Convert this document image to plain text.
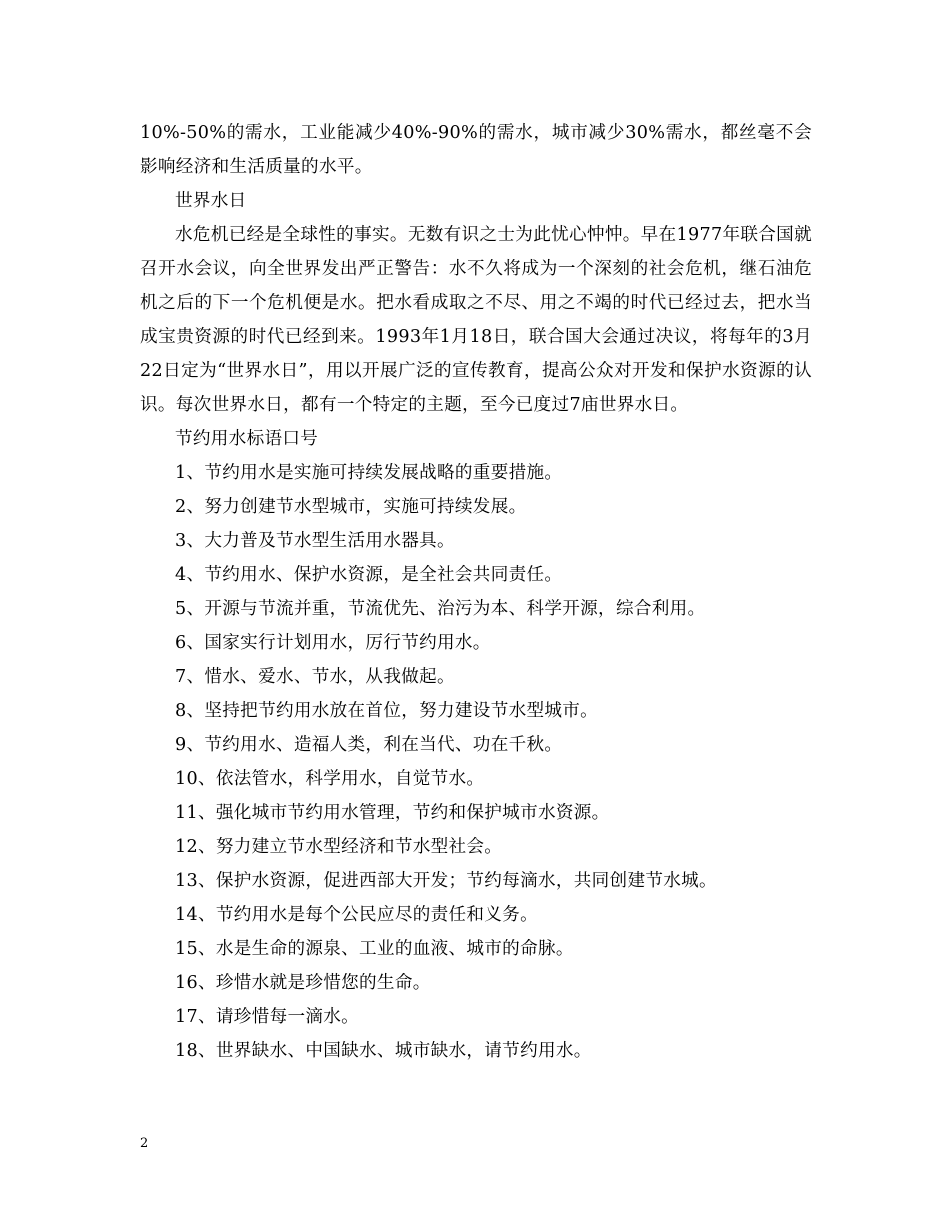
10%-50%的需水，工业能减少40%-90%的需水，城市减少30%需水，都丝毫不会影响经济和生活质量的水平。

世界水日

水危机已经是全球性的事实。无数有识之士为此忧心忡忡。早在1977年联合国就召开水会议，向全世界发出严正警告：水不久将成为一个深刻的社会危机，继石油危机之后的下一个危机便是水。把水看成取之不尽、用之不竭的时代已经过去，把水当成宝贵资源的时代已经到来。1993年1月18日，联合国大会通过决议，将每年的3月22日定为“世界水日”，用以开展广泛的宣传教育，提高公众对开发和保护水资源的认识。每次世界水日，都有一个特定的主题，至今已度过7庙世界水日。

节约用水标语口号

1、节约用水是实施可持续发展战略的重要措施。
2、努力创建节水型城市，实施可持续发展。
3、大力普及节水型生活用水器具。
4、节约用水、保护水资源，是全社会共同责任。
5、开源与节流并重，节流优先、治污为本、科学开源，综合利用。
6、国家实行计划用水，厉行节约用水。
7、惜水、爱水、节水，从我做起。
8、坚持把节约用水放在首位，努力建设节水型城市。
9、节约用水、造福人类，利在当代、功在千秋。
10、依法管水，科学用水，自觉节水。
11、强化城市节约用水管理，节约和保护城市水资源。
12、努力建立节水型经济和节水型社会。
13、保护水资源，促进西部大开发；节约每滴水，共同创建节水城。
14、节约用水是每个公民应尽的责任和义务。
15、水是生命的源泉、工业的血液、城市的命脉。
16、珍惜水就是珍惜您的生命。
17、请珍惜每一滴水。
18、世界缺水、中国缺水、城市缺水，请节约用水。
2
